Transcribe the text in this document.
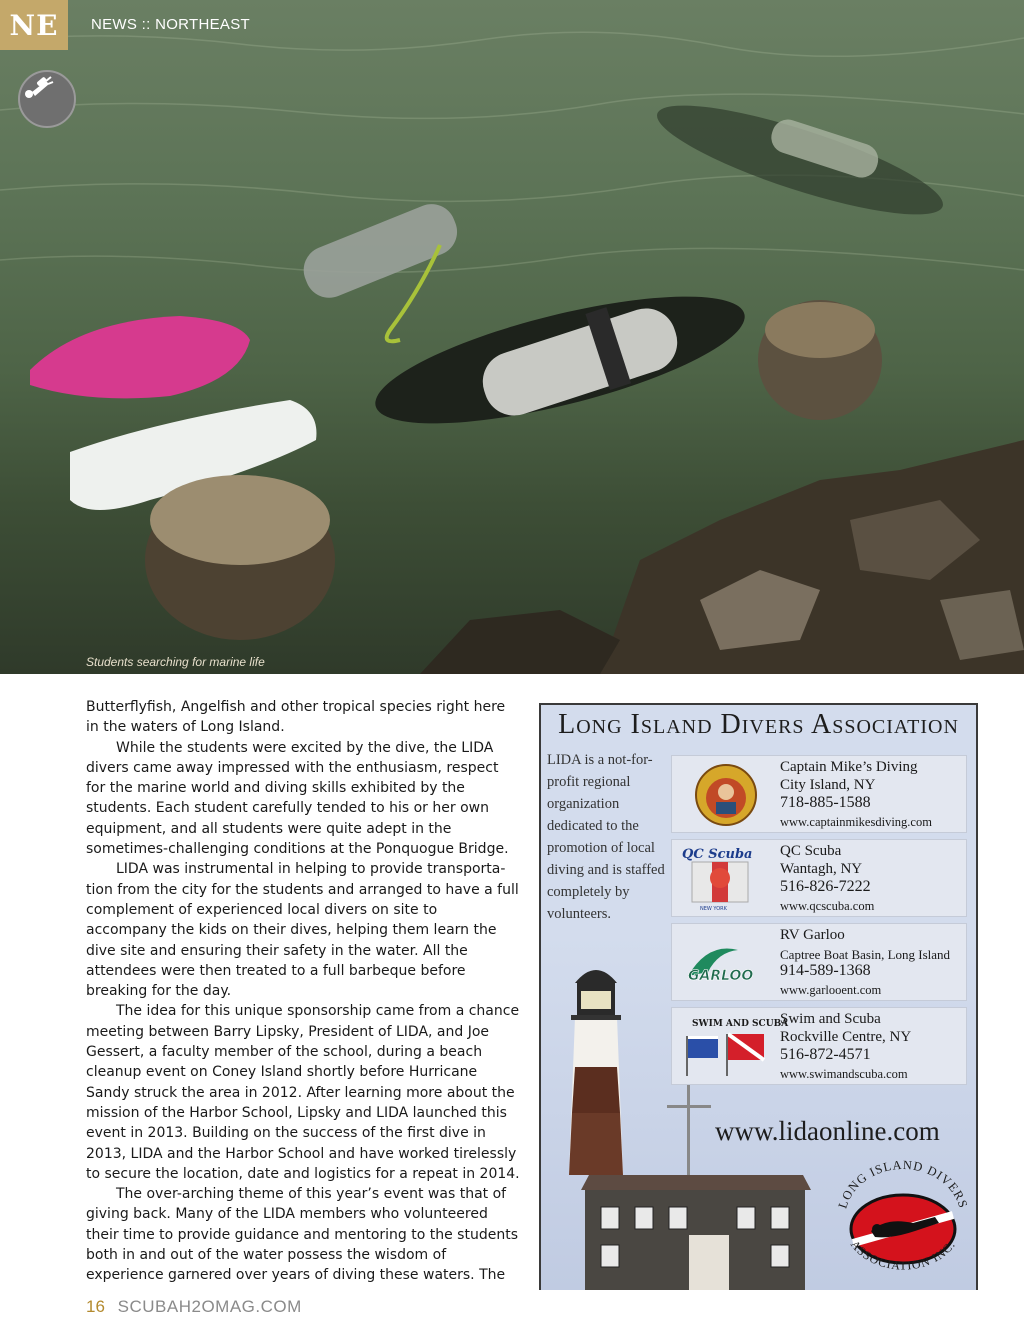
NE	NEWS :: NORTHEAST
Students searching for marine life

Butterflyfish, Angelfish and other tropical species right here in the waters of Long Island.

While the students were excited by the dive, the LIDA divers came away impressed with the enthusiasm, respect for the marine world and diving skills exhibited by the students. Each student carefully tended to his or her own equipment, and all students were quite adept in the sometimes-challenging conditions at the Ponquogue Bridge.

LIDA was instrumental in helping to provide transporta-tion from the city for the students and arranged to have a full complement of experienced local divers on site to accompany the kids on their dives, helping them learn the dive site and ensuring their safety in the water. All the attendees were then treated to a full barbeque before breaking for the day.

The idea for this unique sponsorship came from a chance meeting between Barry Lipsky, President of LIDA, and Joe Gessert, a faculty member of the school, during a beach cleanup event on Coney Island shortly before Hurricane Sandy struck the area in 2012. After learning more about the mission of the Harbor School, Lipsky and LIDA launched this event in 2013. Building on the success of the first dive in 2013, LIDA and the Harbor School and have worked tirelessly to secure the location, date and logistics for a repeat in 2014.

The over-arching theme of this year’s event was that of giving back. Many of the LIDA members who volunteered their time to provide guidance and mentoring to the students both in and out of the water possess the wisdom of experience garnered over years of diving these waters. The

16 SCUBAH2OMAG.COM
Long Island Divers Association
LIDA is a not-for-profit regional organization dedicated to the promotion of local diving and is staffed completely by volunteers.
Captain Mike’s Diving
City Island, NY
718-885-1588
www.captainmikesdiving.com
QC Scuba
NEW YORK
QC Scuba
Wantagh, NY
516-826-7222
www.qcscuba.com
GARLOO
RV Garloo
Captree Boat Basin, Long Island
914-589-1368
www.garlooent.com
SWIM AND SCUBA
Swim and Scuba
Rockville Centre, NY
516-872-4571
www.swimandscuba.com
www.lidaonline.com
LONG ISLAND DIVERS
ASSOCIATION INC.
